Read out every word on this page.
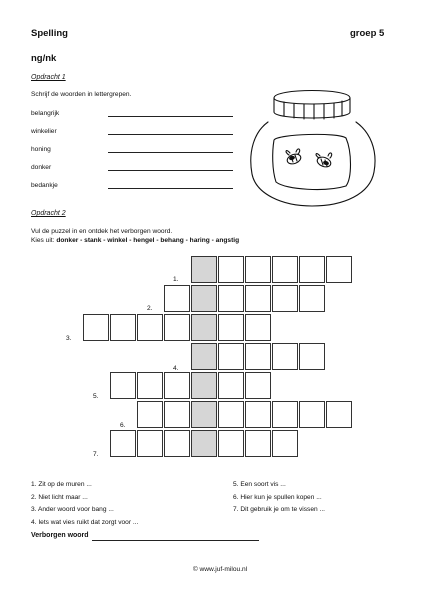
Spelling	groep 5
ng/nk
Opdracht 1
Schrijf de woorden in lettergrepen.
belangrijk
winkelier
honing
donker
bedankje
Opdracht 2
Vul de puzzel in en ontdek het verborgen woord.
Kies uit: donker - stank - winkel - hengel - behang - haring - angstig
1.
2.
3.
4.
5.
6.
7.
1. Zit op de muren ...
2. Niet licht maar ...
3. Ander woord voor bang ...
4. Iets wat vies ruikt dat zorgt voor ...
5. Een soort vis ...
6. Hier kun je spullen kopen ...
7. Dit gebruik je om te vissen ...
Verborgen woord
© www.juf-milou.nl
